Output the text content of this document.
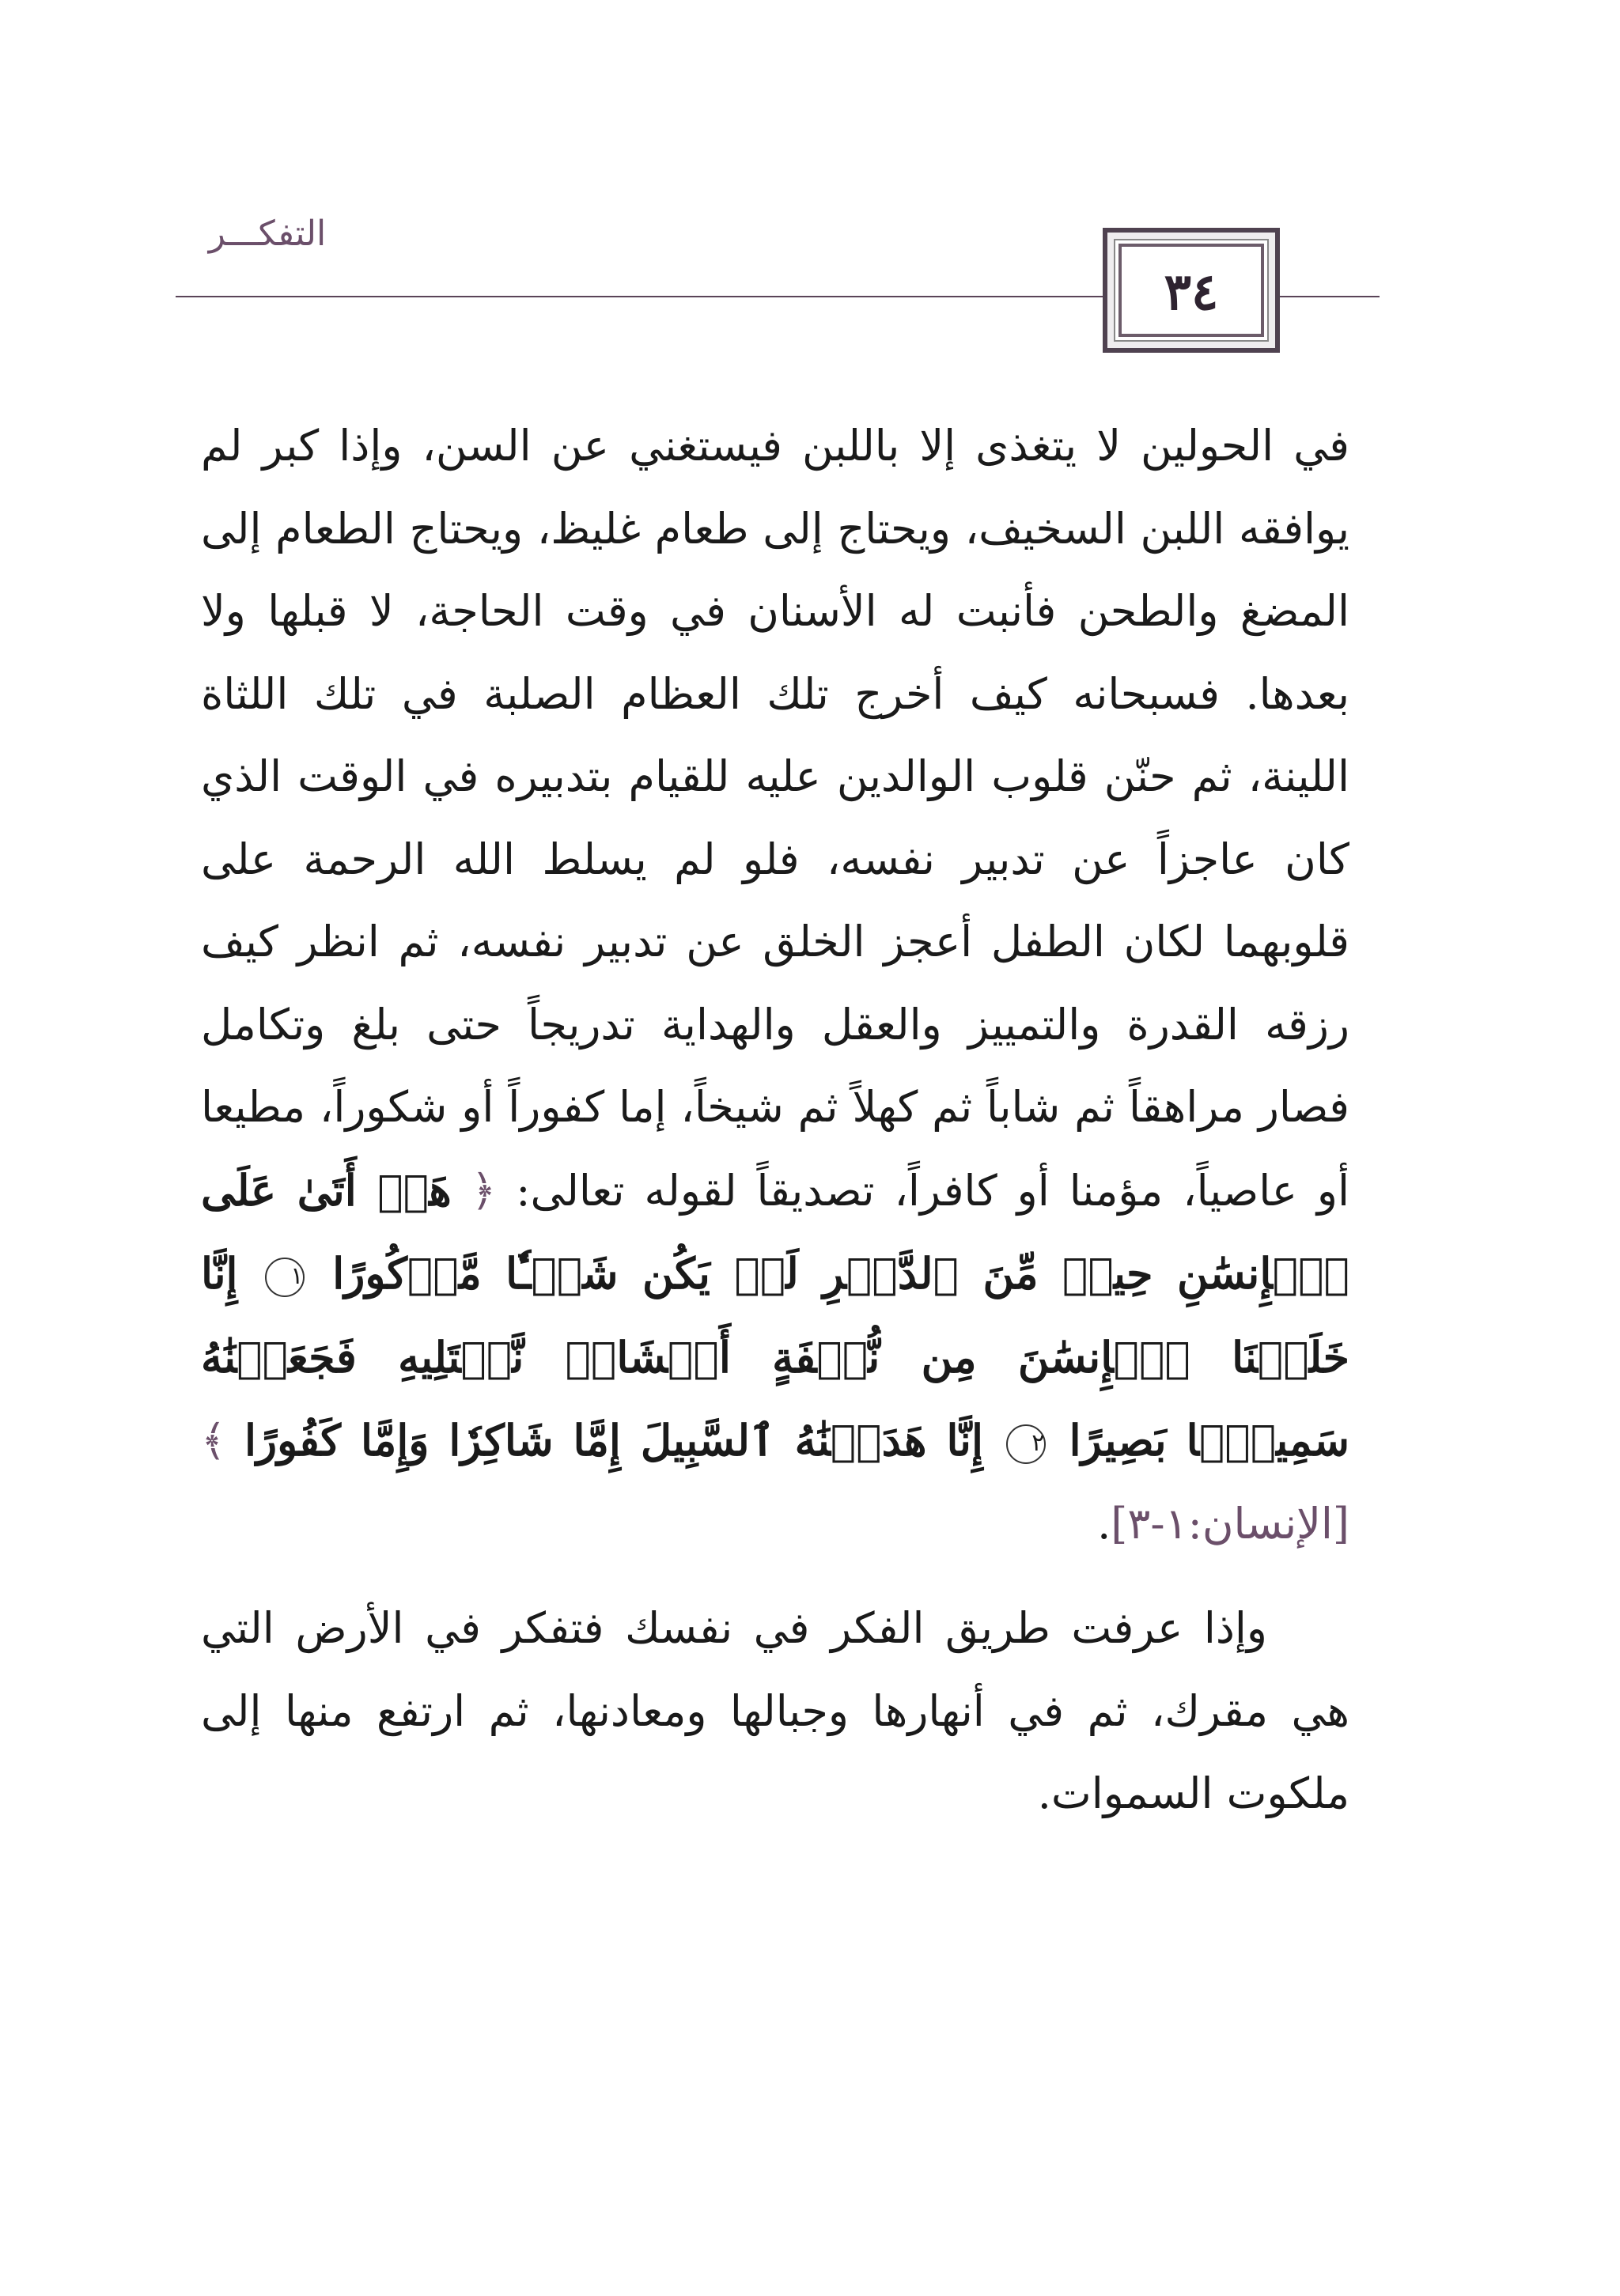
التفكـــر
٣٤

في الحولين لا يتغذى إلا باللبن فيستغني عن السن، وإذا كبر لم يوافقه اللبن السخيف، ويحتاج إلى طعام غليظ، ويحتاج الطعام إلى المضغ والطحن فأنبت له الأسنان في وقت الحاجة، لا قبلها ولا بعدها. فسبحانه كيف أخرج تلك العظام الصلبة في تلك اللثاة اللينة، ثم حنّن قلوب الوالدين عليه للقيام بتدبيره في الوقت الذي كان عاجزاً عن تدبير نفسه، فلو لم يسلط الله الرحمة على قلوبهما لكان الطفل أعجز الخلق عن تدبير نفسه، ثم انظر كيف رزقه القدرة والتمييز والعقل والهداية تدريجاً حتى بلغ وتكامل فصار مراهقاً ثم شاباً ثم كهلاً ثم شيخاً، إما كفوراً أو شكوراً، مطيعا أو عاصياً، مؤمنا أو كافراً، تصديقاً لقوله تعالى: ﴿ هَلۡ أَتَىٰ عَلَى ٱلۡإِنسَٰنِ حِينٞ مِّنَ ٱلدَّهۡرِ لَمۡ يَكُن شَيۡـٔٗا مَّذۡكُورًا ١ إِنَّا خَلَقۡنَا ٱلۡإِنسَٰنَ مِن نُّطۡفَةٍ أَمۡشَاجٖ نَّبۡتَلِيهِ فَجَعَلۡنَٰهُ سَمِيعَۢا بَصِيرًا ٢ إِنَّا هَدَيۡنَٰهُ ٱلسَّبِيلَ إِمَّا شَاكِرٗا وَإِمَّا كَفُورًا ﴾ [الإنسان:١-٣].

وإذا عرفت طريق الفكر في نفسك فتفكر في الأرض التي هي مقرك، ثم في أنهارها وجبالها ومعادنها، ثم ارتفع منها إلى ملكوت السموات.
